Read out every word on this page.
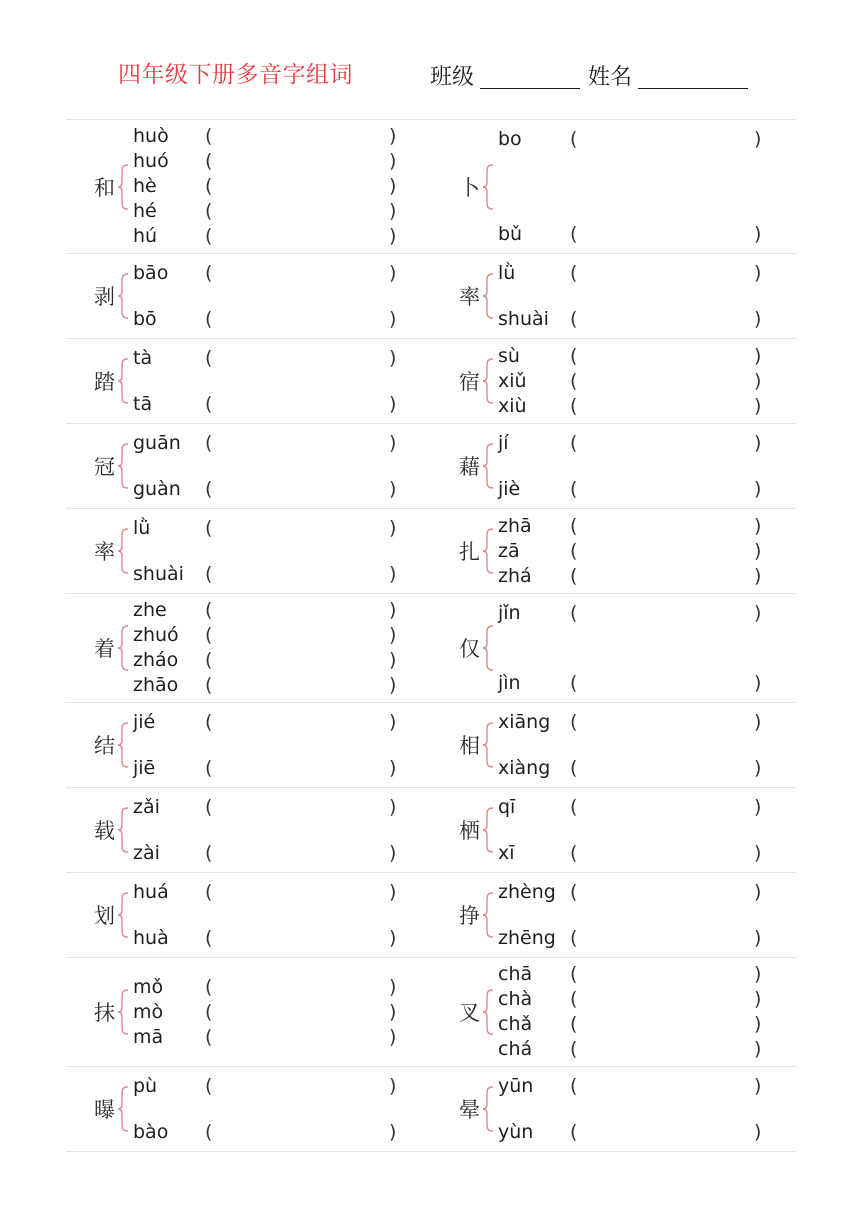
四年级下册多音字组词	班级	姓名
和
huò (	)
huó (	)
hè	(	)
hé	(	)
hú	(	)
卜
bo	(	)
bǔ	(	)
剥
bāo (	)
bō	(	)
率
lǜ	(	)
shuài (	)
踏
tà	(	)
tā	(	)
宿
sù	(	)
xiǔ (	)
xiù (	)
冠
guān (	)
guàn (	)
藉
jí	(	)
jiè	(	)
率
lǜ	(	)
shuài (	)
扎
zhā (	)
zā	(	)
zhá (	)
着
zhe (	)
zhuó (	)
zháo (	)
zhāo (	)
仅
jǐn	(	)
jìn	(	)
结
jié	(	)
jiē	(	)
相
xiāng (	)
xiàng (	)
载
zǎi (	)
zài (	)
栖
qī	(	)
xī	(	)
划
huá (	)
huà (	)
挣
zhèng (	)
zhēng (	)
抹
mǒ (	)
mò (	)
mā (	)
叉
chā (	)
chà (	)
chǎ (	)
chá (	)
曝
pù	(	)
bào (	)
晕
yūn (	)
yùn (	)
